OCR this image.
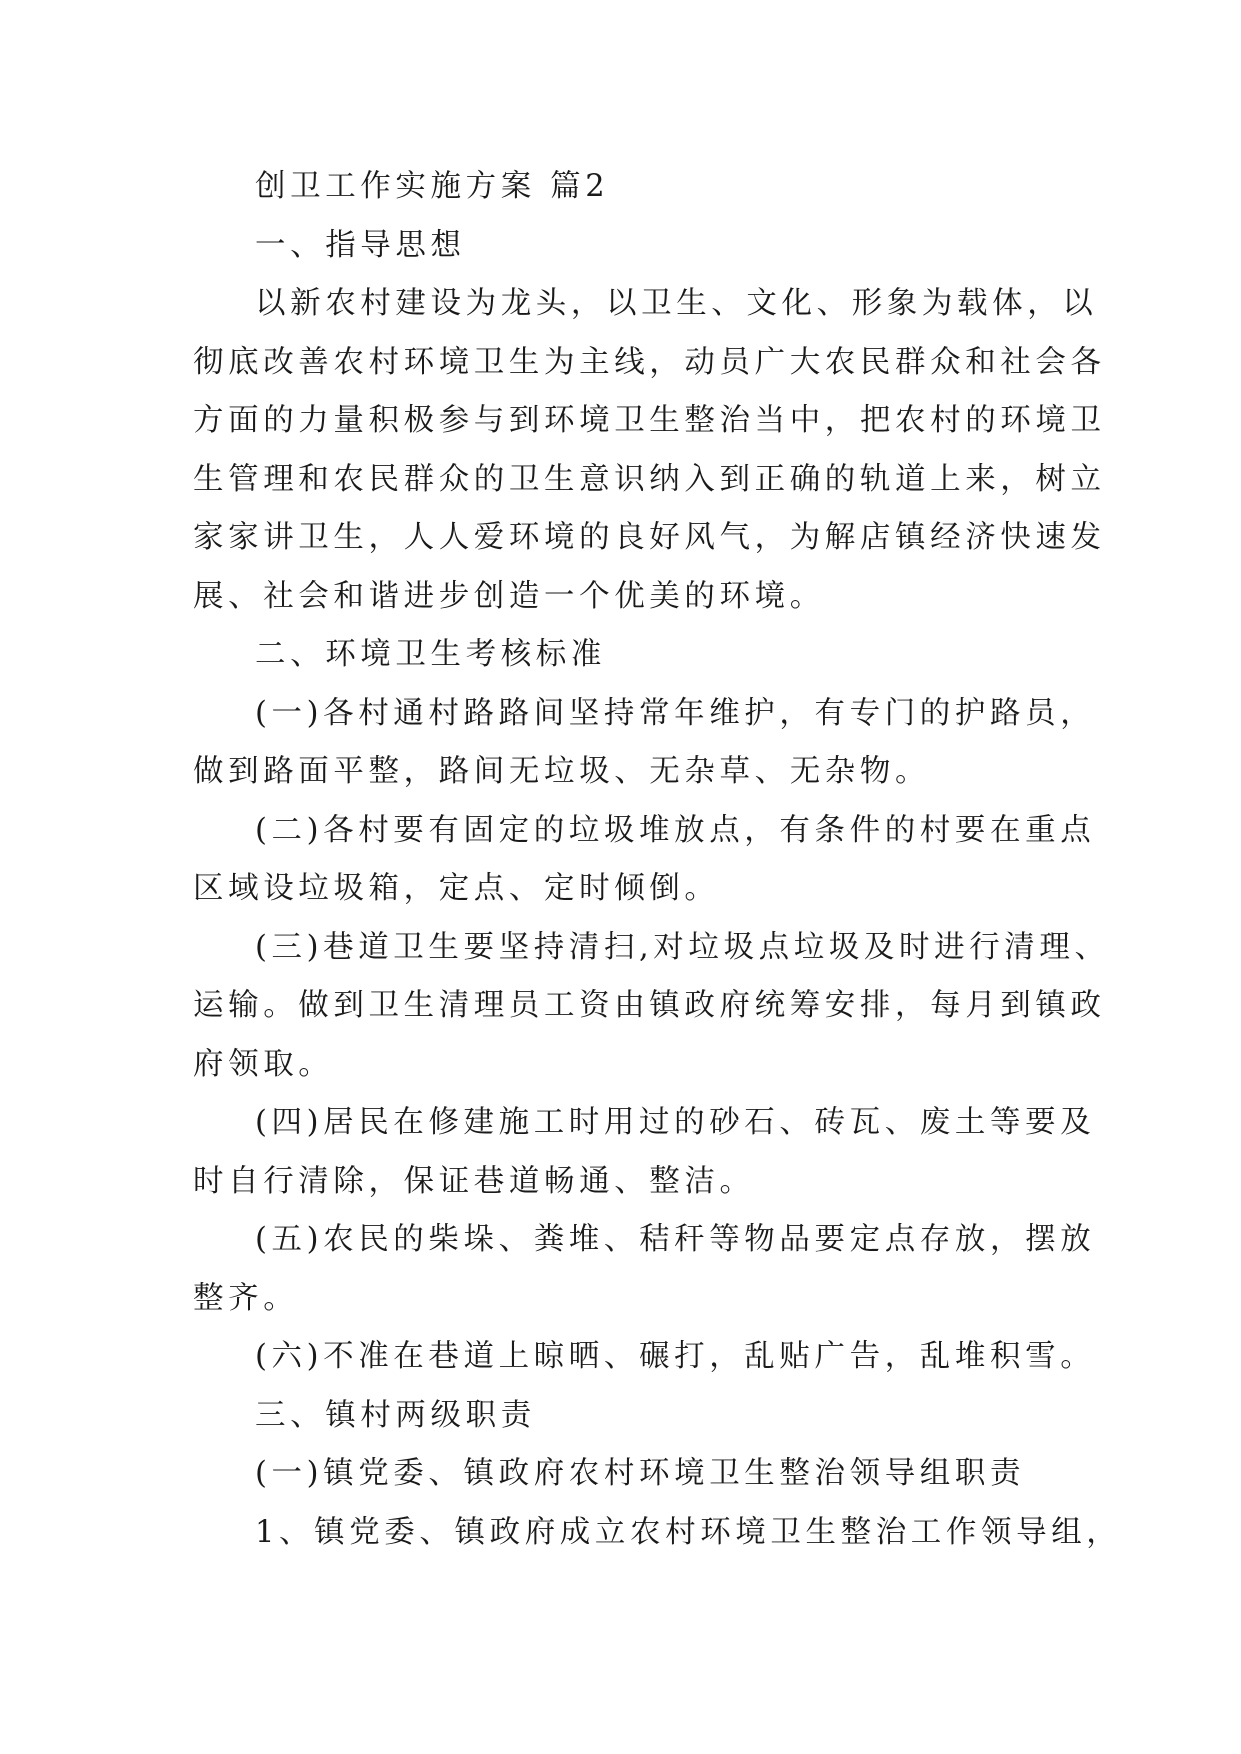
创卫工作实施方案 篇2
一、指导思想
以新农村建设为龙头，以卫生、文化、形象为载体，以
彻底改善农村环境卫生为主线，动员广大农民群众和社会各
方面的力量积极参与到环境卫生整治当中，把农村的环境卫
生管理和农民群众的卫生意识纳入到正确的轨道上来，树立
家家讲卫生，人人爱环境的良好风气，为解店镇经济快速发
展、社会和谐进步创造一个优美的环境。
二、环境卫生考核标准
(一)各村通村路路间坚持常年维护，有专门的护路员，
做到路面平整，路间无垃圾、无杂草、无杂物。
(二)各村要有固定的垃圾堆放点，有条件的村要在重点
区域设垃圾箱，定点、定时倾倒。
(三)巷道卫生要坚持清扫,对垃圾点垃圾及时进行清理、
运输。做到卫生清理员工资由镇政府统筹安排，每月到镇政
府领取。
(四)居民在修建施工时用过的砂石、砖瓦、废土等要及
时自行清除，保证巷道畅通、整洁。
(五)农民的柴垛、粪堆、秸秆等物品要定点存放，摆放
整齐。
(六)不准在巷道上晾晒、碾打，乱贴广告，乱堆积雪。
三、镇村两级职责
(一)镇党委、镇政府农村环境卫生整治领导组职责
1、镇党委、镇政府成立农村环境卫生整治工作领导组，
